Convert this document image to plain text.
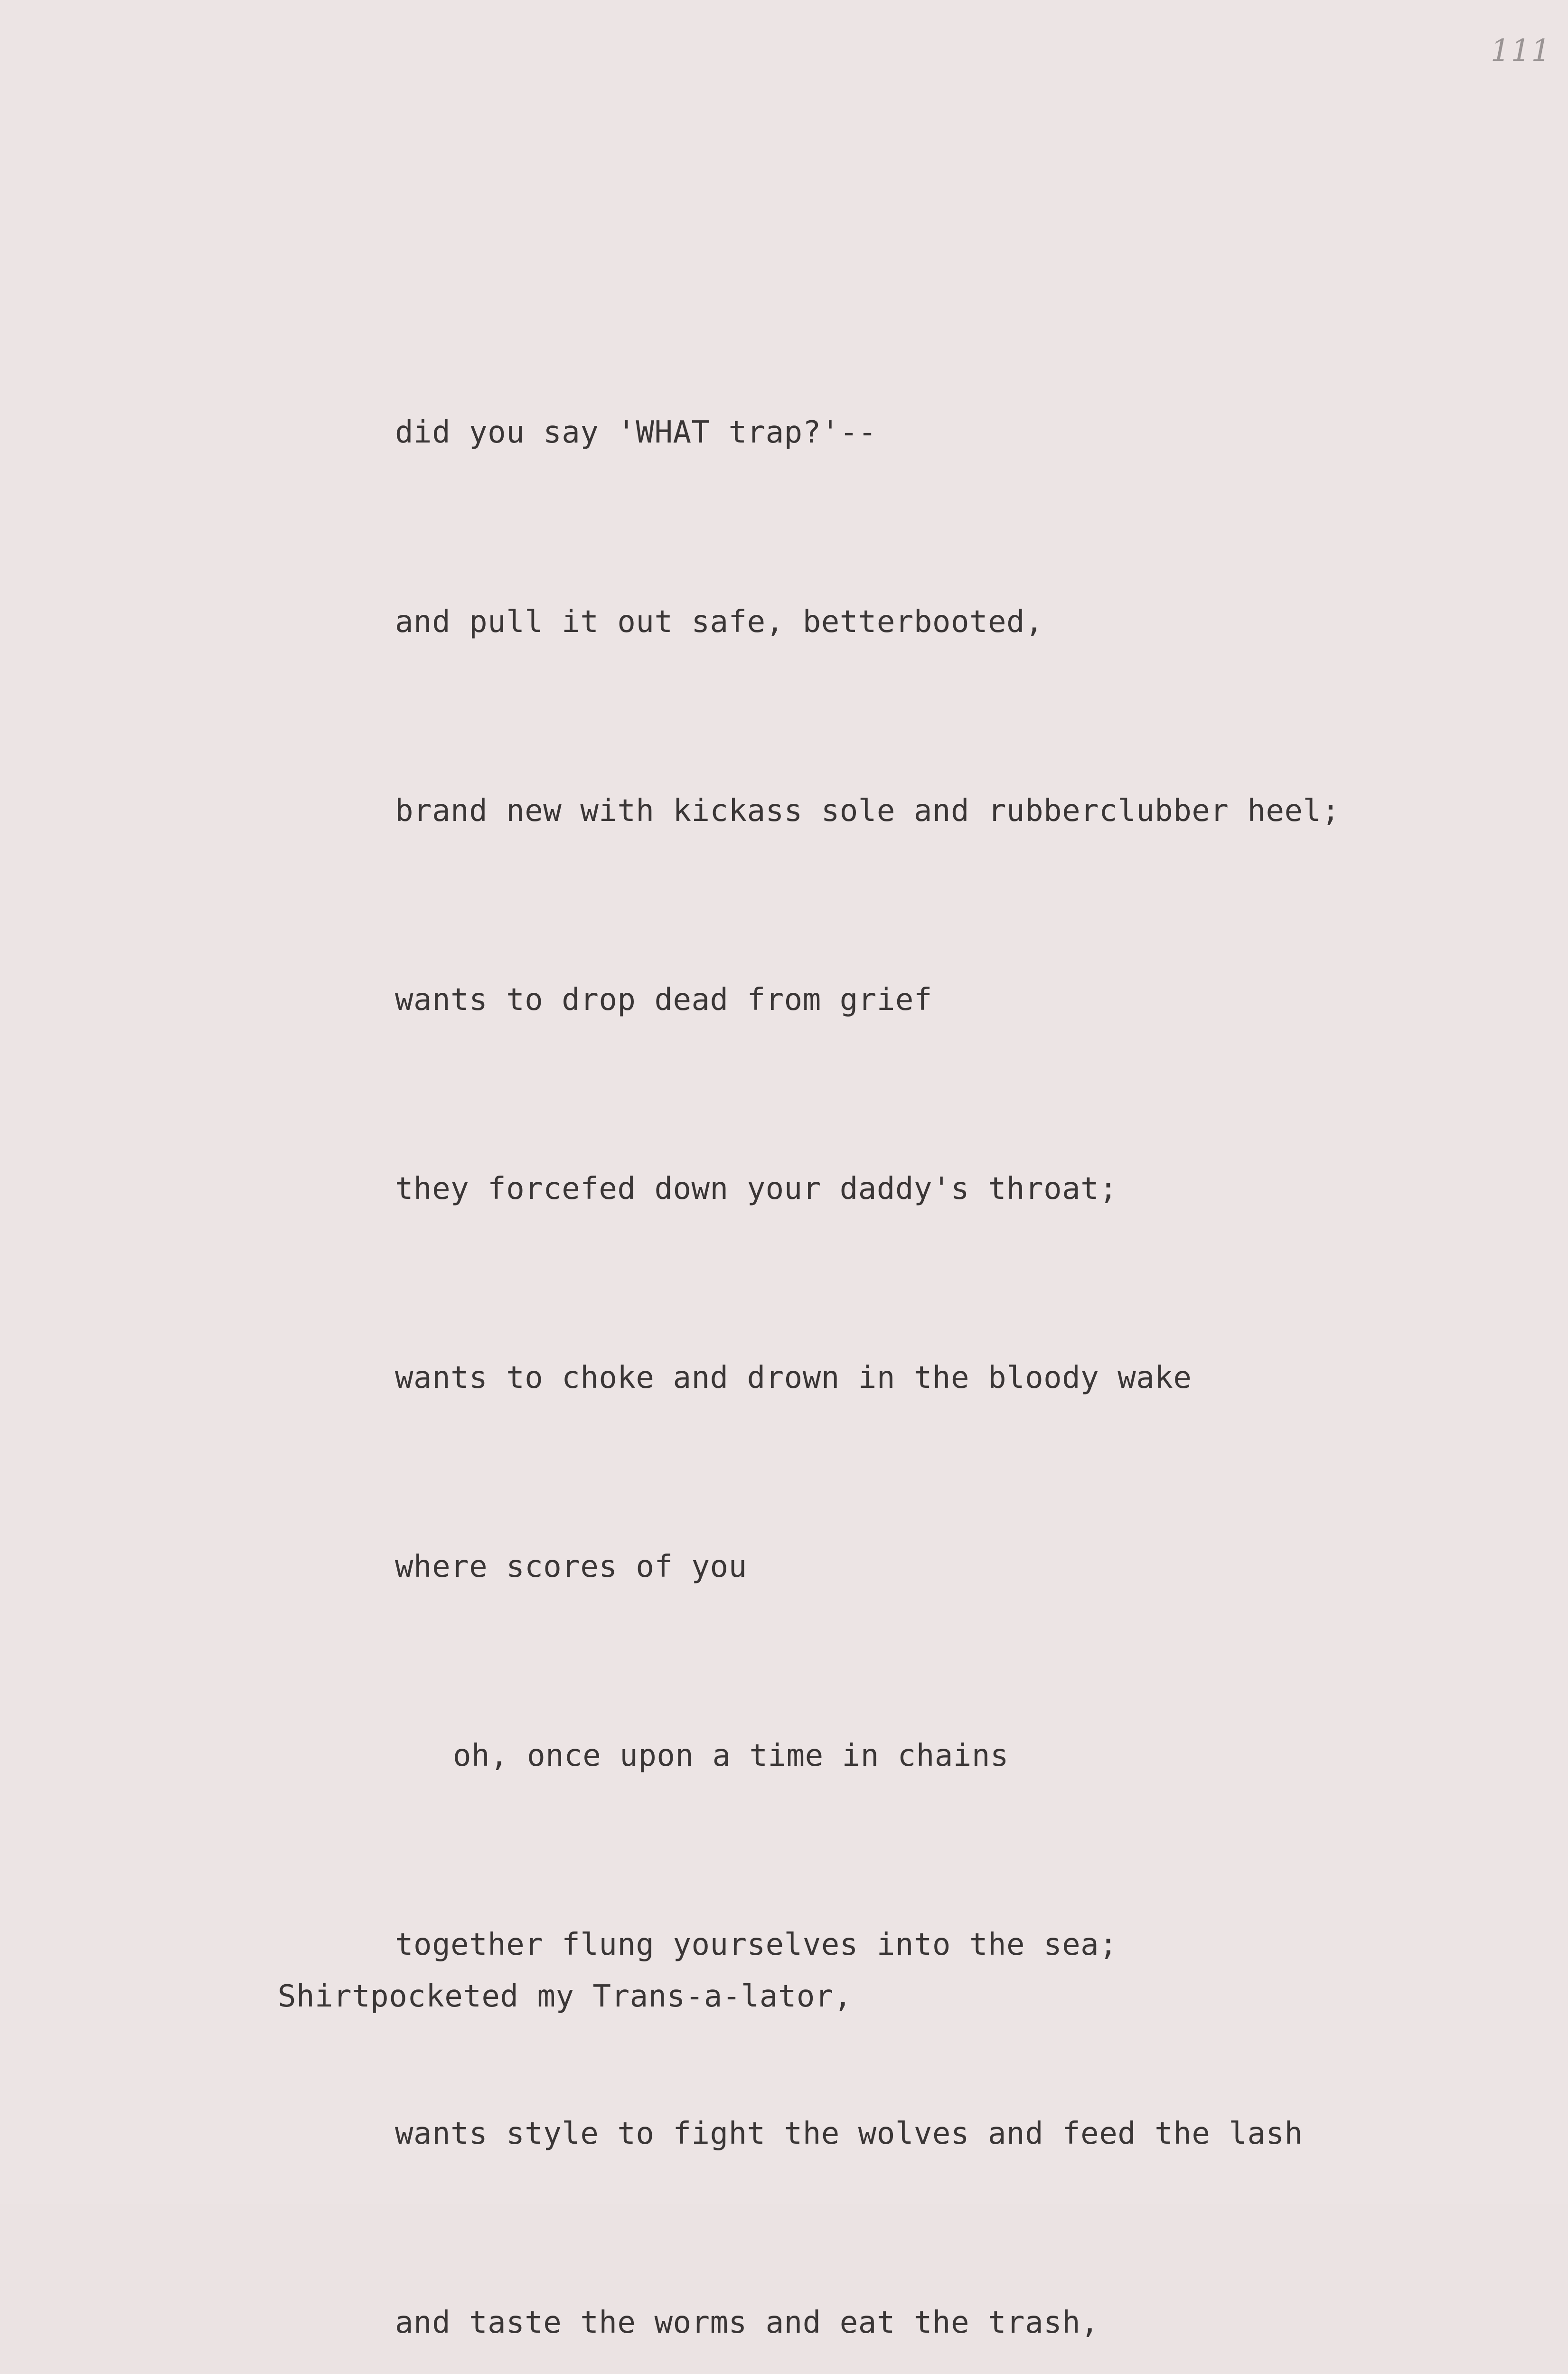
111

did you say 'WHAT trap?'--

and pull it out safe, betterbooted,

brand new with kickass sole and rubberclubber heel;

wants to drop dead from grief

they forcefed down your daddy's throat;

wants to choke and drown in the bloody wake

where scores of you

oh, once upon a time in chains

together flung yourselves into the sea;

wants style to fight the wolves and feed the lash

and taste the worms and eat the trash,

Shirtpocketed my Trans-a-lator,
